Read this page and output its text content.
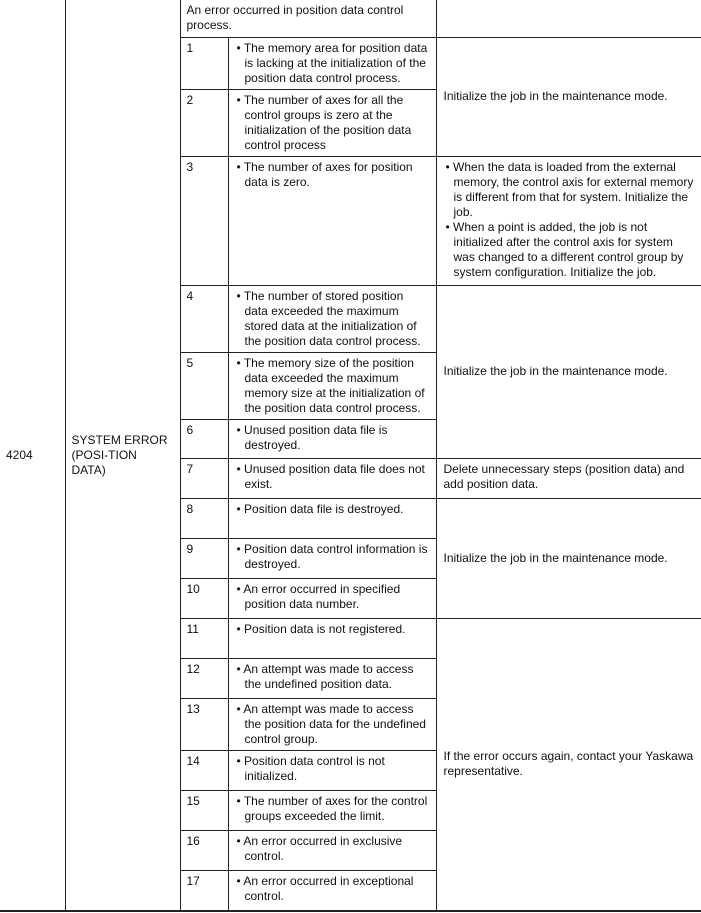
4204	SYSTEM ERROR (POSI-TION DATA)	An error occurred in position data control process.		
		1	• The memory area for position data is lacking at the initialization of the position data control process.	Initialize the job in the maintenance mode.
		2	• The number of axes for all the control groups is zero at the initialization of the position data control process	

		3	• The number of axes for position data is zero.	• When the data is loaded from the external memory, the control axis for external memory is different from that for system. Initialize the job.
• When a point is added, the job is not initialized after the control axis for system was changed to a different control group by system configuration. Initialize the job.

		4	• The number of stored position data exceeded the maximum stored data at the initialization of the position data control process.	Initialize the job in the maintenance mode.
		5	• The memory size of the position data exceeded the maximum memory size at the initialization of the position data control process.	

		6	• Unused position data file is destroyed.	

		7	• Unused position data file does not exist.	Delete unnecessary steps (position data) and add position data.
		8	• Position data file is destroyed.	Initialize the job in the maintenance mode.
		9	• Position data control information is destroyed.	

		10	• An error occurred in specified position data number.	

		11	• Position data is not registered.	If the error occurs again, contact your Yaskawa representative.
		12	• An attempt was made to access the undefined position data.	

		13	• An attempt was made to access the position data for the undefined control group.	

		14	• Position data control is not initialized.	

		15	• The number of axes for the control groups exceeded the limit.	

		16	• An error occurred in exclusive control.	

		17	• An error occurred in exceptional control.	
